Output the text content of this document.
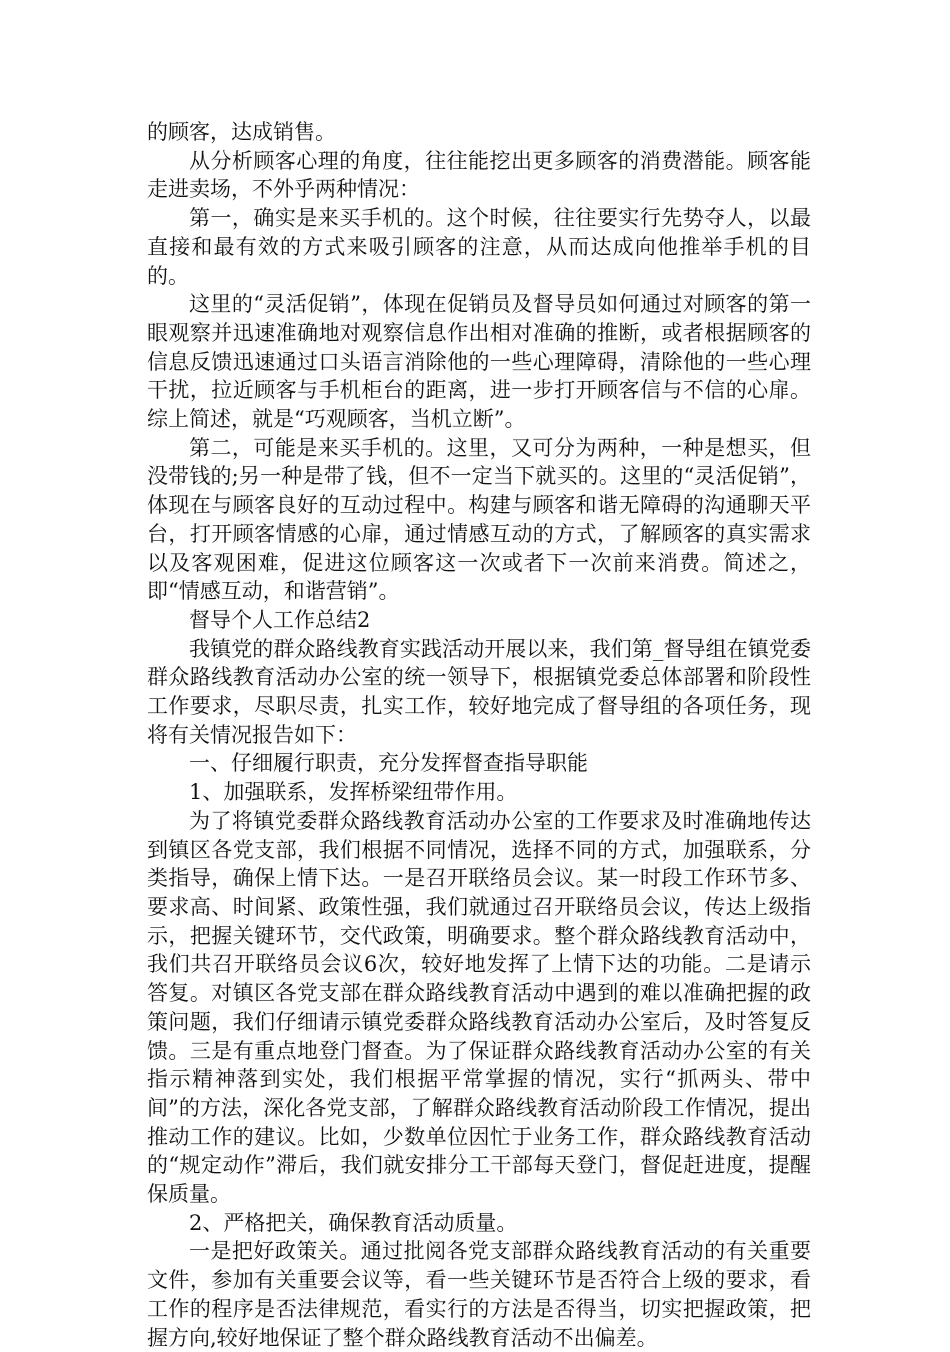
的顾客，达成销售。

从分析顾客心理的角度，往往能挖出更多顾客的消费潜能。顾客能走进卖场，不外乎两种情况：

第一，确实是来买手机的。这个时候，往往要实行先势夺人，以最直接和最有效的方式来吸引顾客的注意，从而达成向他推举手机的目的。

这里的“灵活促销”，体现在促销员及督导员如何通过对顾客的第一眼观察并迅速准确地对观察信息作出相对准确的推断，或者根据顾客的信息反馈迅速通过口头语言消除他的一些心理障碍，清除他的一些心理干扰，拉近顾客与手机柜台的距离，进一步打开顾客信与不信的心扉。综上简述，就是“巧观顾客，当机立断”。

第二，可能是来买手机的。这里，又可分为两种，一种是想买，但没带钱的;另一种是带了钱，但不一定当下就买的。这里的“灵活促销”，体现在与顾客良好的互动过程中。构建与顾客和谐无障碍的沟通聊天平台，打开顾客情感的心扉，通过情感互动的方式，了解顾客的真实需求以及客观困难，促进这位顾客这一次或者下一次前来消费。简述之，即“情感互动，和谐营销”。

督导个人工作总结2

我镇党的群众路线教育实践活动开展以来，我们第_督导组在镇党委群众路线教育活动办公室的统一领导下，根据镇党委总体部署和阶段性工作要求，尽职尽责，扎实工作，较好地完成了督导组的各项任务，现将有关情况报告如下：

一、仔细履行职责，充分发挥督查指导职能

1、加强联系，发挥桥梁纽带作用。

为了将镇党委群众路线教育活动办公室的工作要求及时准确地传达到镇区各党支部，我们根据不同情况，选择不同的方式，加强联系，分类指导，确保上情下达。一是召开联络员会议。某一时段工作环节多、要求高、时间紧、政策性强，我们就通过召开联络员会议，传达上级指示，把握关键环节，交代政策，明确要求。整个群众路线教育活动中，我们共召开联络员会议6次，较好地发挥了上情下达的功能。二是请示答复。对镇区各党支部在群众路线教育活动中遇到的难以准确把握的政策问题，我们仔细请示镇党委群众路线教育活动办公室后，及时答复反馈。三是有重点地登门督查。为了保证群众路线教育活动办公室的有关指示精神落到实处，我们根据平常掌握的情况，实行“抓两头、带中间”的方法，深化各党支部，了解群众路线教育活动阶段工作情况，提出推动工作的建议。比如，少数单位因忙于业务工作，群众路线教育活动的“规定动作”滞后，我们就安排分工干部每天登门，督促赶进度，提醒保质量。

2、严格把关，确保教育活动质量。

一是把好政策关。通过批阅各党支部群众路线教育活动的有关重要文件，参加有关重要会议等，看一些关键环节是否符合上级的要求，看工作的程序是否法律规范，看实行的方法是否得当，切实把握政策，把握方向,较好地保证了整个群众路线教育活动不出偏差。
